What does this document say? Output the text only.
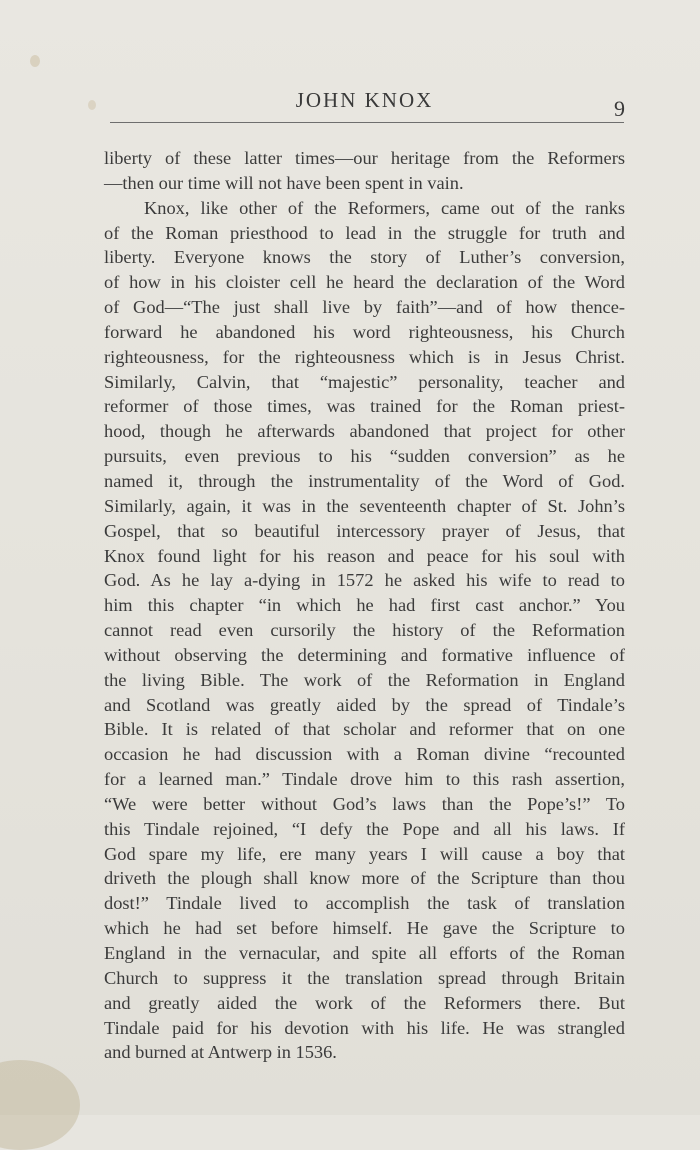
JOHN KNOX	9
liberty of these latter times—our heritage from the Reformers
—then our time will not have been spent in vain.
Knox, like other of the Reformers, came out of the ranks
of the Roman priesthood to lead in the struggle for truth and
liberty. Everyone knows the story of Luther’s conversion,
of how in his cloister cell he heard the declaration of the Word
of God—“The just shall live by faith”—and of how thence-
forward he abandoned his word righteousness, his Church
righteousness, for the righteousness which is in Jesus Christ.
Similarly, Calvin, that “majestic” personality, teacher and
reformer of those times, was trained for the Roman priest-
hood, though he afterwards abandoned that project for other
pursuits, even previous to his “sudden conversion” as he
named it, through the instrumentality of the Word of God.
Similarly, again, it was in the seventeenth chapter of St. John’s
Gospel, that so beautiful intercessory prayer of Jesus, that
Knox found light for his reason and peace for his soul with
God. As he lay a-dying in 1572 he asked his wife to read to
him this chapter “in which he had first cast anchor.” You
cannot read even cursorily the history of the Reformation
without observing the determining and formative influence of
the living Bible. The work of the Reformation in England
and Scotland was greatly aided by the spread of Tindale’s
Bible. It is related of that scholar and reformer that on one
occasion he had discussion with a Roman divine “recounted
for a learned man.” Tindale drove him to this rash assertion,
“We were better without God’s laws than the Pope’s!” To
this Tindale rejoined, “I defy the Pope and all his laws. If
God spare my life, ere many years I will cause a boy that
driveth the plough shall know more of the Scripture than thou
dost!” Tindale lived to accomplish the task of translation
which he had set before himself. He gave the Scripture to
England in the vernacular, and spite all efforts of the Roman
Church to suppress it the translation spread through Britain
and greatly aided the work of the Reformers there. But
Tindale paid for his devotion with his life. He was strangled
and burned at Antwerp in 1536.
